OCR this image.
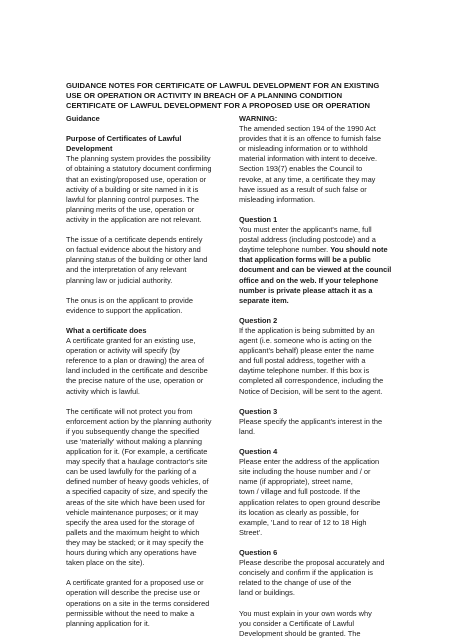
GUIDANCE NOTES FOR CERTIFICATE OF LAWFUL DEVELOPMENT FOR AN EXISTING
USE OR OPERATION OR ACTIVITY IN BREACH OF A PLANNING CONDITION
CERTIFICATE OF LAWFUL DEVELOPMENT FOR A PROPOSED USE OR OPERATION
Guidance
Purpose of Certificates of Lawful
Development
The planning system provides the possibility
of obtaining a statutory document confirming
that an existing/proposed use, operation or
activity of a building or site named in it is
lawful for planning control purposes. The
planning merits of the use, operation or
activity in the application are not relevant.
The issue of a certificate depends entirely
on factual evidence about the history and
planning status of the building or other land
and the interpretation of any relevant
planning law or judicial authority.
The onus is on the applicant to provide
evidence to support the application.
What a certificate does
A certificate granted for an existing use,
operation or activity will specify (by
reference to a plan or drawing) the area of
land included in the certificate and describe
the precise nature of the use, operation or
activity which is lawful.
The certificate will not protect you from
enforcement action by the planning authority
if you subsequently change the specified
use 'materially' without making a planning
application for it. (For example, a certificate
may specify that a haulage contractor's site
can be used lawfully for the parking of a
defined number of heavy goods vehicles, of
a specified capacity of size, and specify the
areas of the site which have been used for
vehicle maintenance purposes; or it may
specify the area used for the storage of
pallets and the maximum height to which
they may be stacked; or it may specify the
hours during which any operations have
taken place on the site).
A certificate granted for a proposed use or
operation will describe the precise use or
operations on a site in the terms considered
permissible without the need to make a
planning application for it.
WARNING:
The amended section 194 of the 1990 Act
provides that it is an offence to furnish false
or misleading information or to withhold
material information with intent to deceive.
Section 193(7) enables the Council to
revoke, at any time, a certificate they may
have issued as a result of such false or
misleading information.
Question 1
You must enter the applicant's name, full
postal address (including postcode) and a
daytime telephone number. You should note
that application forms will be a public
document and can be viewed at the council
office and on the web. If your telephone
number is private please attach it as a
separate item.
Question 2
If the application is being submitted by an
agent (i.e. someone who is acting on the
applicant's behalf) please enter the name
and full postal address, together with a
daytime telephone number. If this box is
completed all correspondence, including the
Notice of Decision, will be sent to the agent.
Question 3
Please specify the applicant's interest in the
land.
Question 4
Please enter the address of the application
site including the house number and / or
name (if appropriate), street name,
town / village and full postcode. If the
application relates to open ground describe
its location as clearly as possible, for
example, 'Land to rear of 12 to 18 High
Street'.
Question 6
Please describe the proposal accurately and
concisely and confirm if the application is
related to the change of use of the
land or buildings.
You must explain in your own words why
you consider a Certificate of Lawful
Development should be granted. The
